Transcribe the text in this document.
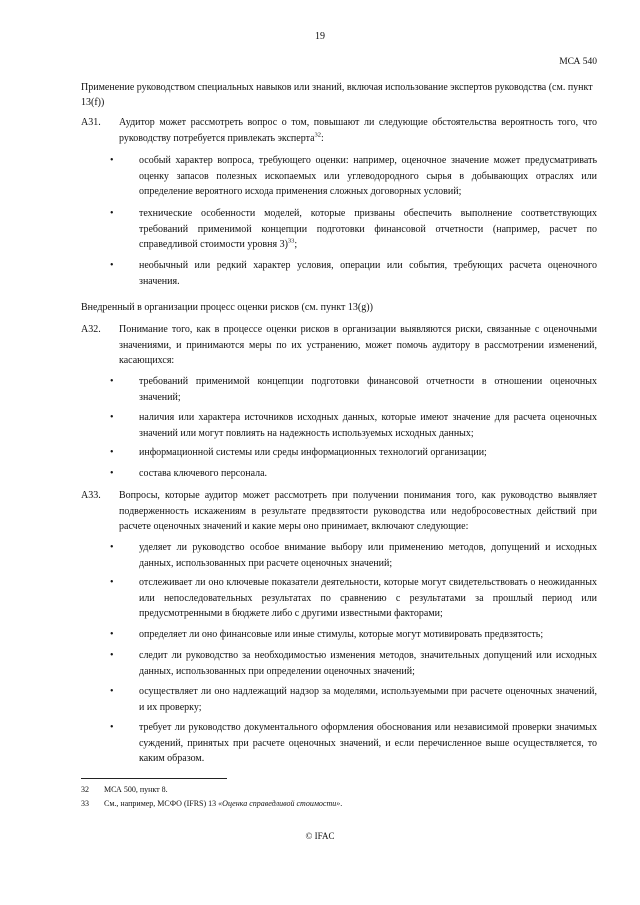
19
МСА 540

Применение руководством специальных навыков или знаний, включая использование экспертов руководства (см. пункт 13(f))

A31. Аудитор может рассмотреть вопрос о том, повышают ли следующие обстоятельства вероятность того, что руководству потребуется привлекать эксперта$^{32}$:
•	особый характер вопроса, требующего оценки: например, оценочное значение может предусматривать оценку запасов полезных ископаемых или углеводородного сырья в добывающих отраслях или определение вероятного исхода применения сложных договорных условий;
•	технические особенности моделей, которые призваны обеспечить выполнение соответствующих требований применимой концепции подготовки финансовой отчетности (например, расчет по справедливой стоимости уровня 3)$^{33}$;
•	необычный или редкий характер условия, операции или события, требующих расчета оценочного значения.

Внедренный в организации процесс оценки рисков (см. пункт 13(g))

A32. Понимание того, как в процессе оценки рисков в организации выявляются риски, связанные с оценочными значениями, и принимаются меры по их устранению, может помочь аудитору в рассмотрении изменений, касающихся:
•	требований применимой концепции подготовки финансовой отчетности в отношении оценочных значений;
•	наличия или характера источников исходных данных, которые имеют значение для расчета оценочных значений или могут повлиять на надежность используемых исходных данных;
•	информационной системы или среды информационных технологий организации;
•	состава ключевого персонала.
A33. Вопросы, которые аудитор может рассмотреть при получении понимания того, как руководство выявляет подверженность искажениям в результате предвзятости руководства или недобросовестных действий при расчете оценочных значений и какие меры оно принимает, включают следующие:
•	уделяет ли руководство особое внимание выбору или применению методов, допущений и исходных данных, использованных при расчете оценочных значений;
•	отслеживает ли оно ключевые показатели деятельности, которые могут свидетельствовать о неожиданных или непоследовательных результатах по сравнению с результатами за прошлый период или предусмотренными в бюджете либо с другими известными факторами;
•	определяет ли оно финансовые или иные стимулы, которые могут мотивировать предвзятость;
•	следит ли руководство за необходимостью изменения методов, значительных допущений или исходных данных, использованных при определении оценочных значений;
•	осуществляет ли оно надлежащий надзор за моделями, используемыми при расчете оценочных значений, и их проверку;
•	требует ли руководство документального оформления обоснования или независимой проверки значимых суждений, принятых при расчете оценочных значений, и если перечисленное выше осуществляется, то каким образом.
32 МСА 500, пункт 8.
33 См., например, МСФО (IFRS) 13 «Оценка справедливой стоимости».
© IFAC
